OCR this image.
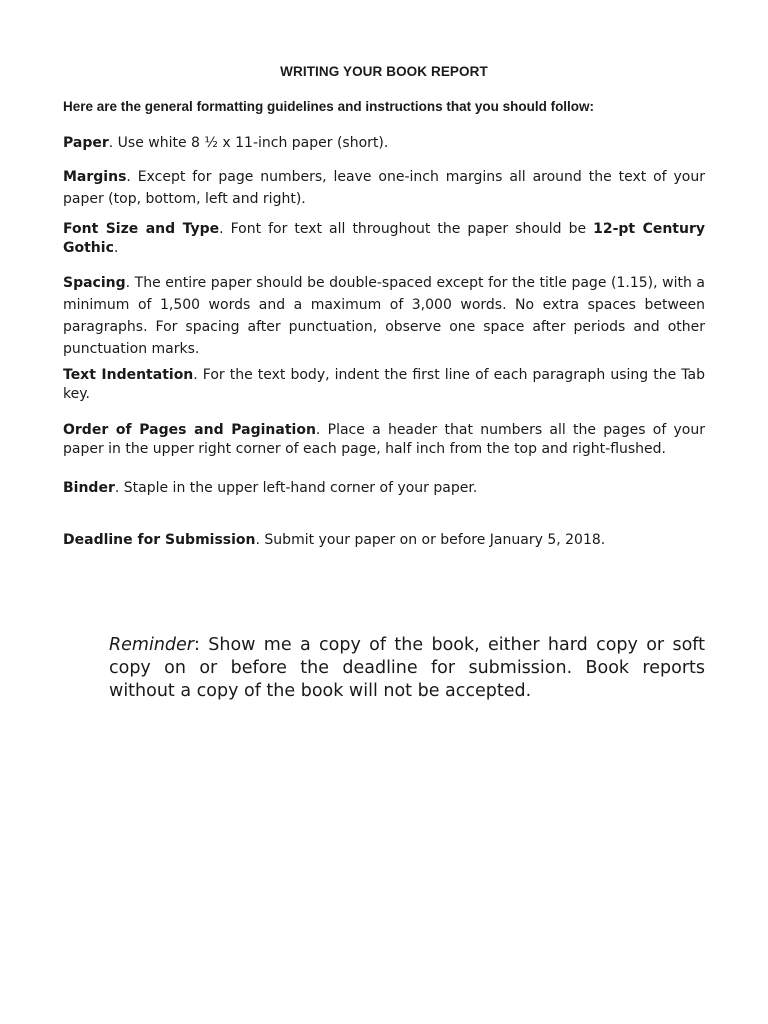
WRITING YOUR BOOK REPORT

Here are the general formatting guidelines and instructions that you should follow:

Paper. Use white 8 ½ x 11-inch paper (short).

Margins. Except for page numbers, leave one-inch margins all around the text of your paper (top, bottom, left and right).

Font Size and Type. Font for text all throughout the paper should be 12-pt Century Gothic.

Spacing. The entire paper should be double-spaced except for the title page (1.15), with a minimum of 1,500 words and a maximum of 3,000 words. No extra spaces between paragraphs. For spacing after punctuation, observe one space after periods and other punctuation marks.

Text Indentation. For the text body, indent the first line of each paragraph using the Tab key.

Order of Pages and Pagination. Place a header that numbers all the pages of your paper in the upper right corner of each page, half inch from the top and right-flushed.

Binder. Staple in the upper left-hand corner of your paper.

Deadline for Submission. Submit your paper on or before January 5, 2018.

Reminder: Show me a copy of the book, either hard copy or soft copy on or before the deadline for submission. Book reports without a copy of the book will not be accepted.
